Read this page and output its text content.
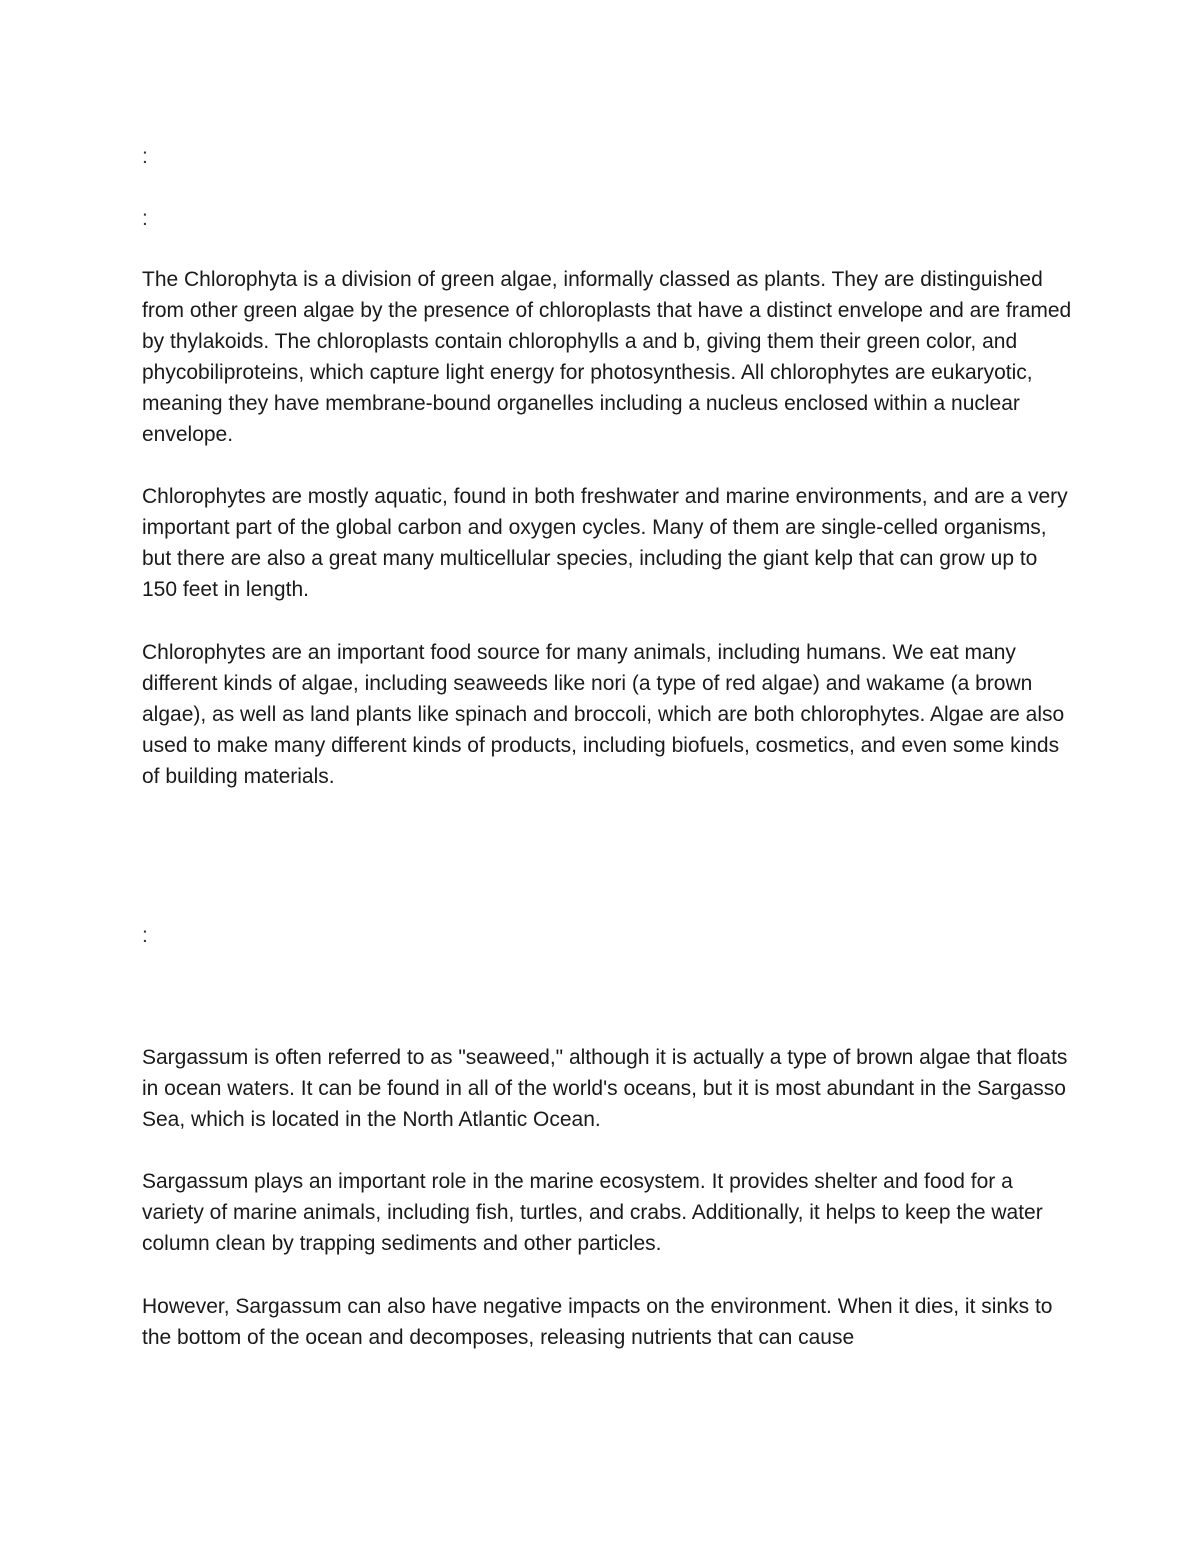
:

:

The Chlorophyta is a division of green algae, informally classed as plants. They are distinguished from other green algae by the presence of chloroplasts that have a distinct envelope and are framed by thylakoids. The chloroplasts contain chlorophylls a and b, giving them their green color, and phycobiliproteins, which capture light energy for photosynthesis. All chlorophytes are eukaryotic, meaning they have membrane-bound organelles including a nucleus enclosed within a nuclear envelope.

Chlorophytes are mostly aquatic, found in both freshwater and marine environments, and are a very important part of the global carbon and oxygen cycles. Many of them are single-celled organisms, but there are also a great many multicellular species, including the giant kelp that can grow up to 150 feet in length.

Chlorophytes are an important food source for many animals, including humans. We eat many different kinds of algae, including seaweeds like nori (a type of red algae) and wakame (a brown algae), as well as land plants like spinach and broccoli, which are both chlorophytes. Algae are also used to make many different kinds of products, including biofuels, cosmetics, and even some kinds of building materials.

:

Sargassum is often referred to as "seaweed," although it is actually a type of brown algae that floats in ocean waters. It can be found in all of the world's oceans, but it is most abundant in the Sargasso Sea, which is located in the North Atlantic Ocean.

Sargassum plays an important role in the marine ecosystem. It provides shelter and food for a variety of marine animals, including fish, turtles, and crabs. Additionally, it helps to keep the water column clean by trapping sediments and other particles.

However, Sargassum can also have negative impacts on the environment. When it dies, it sinks to the bottom of the ocean and decomposes, releasing nutrients that can cause
